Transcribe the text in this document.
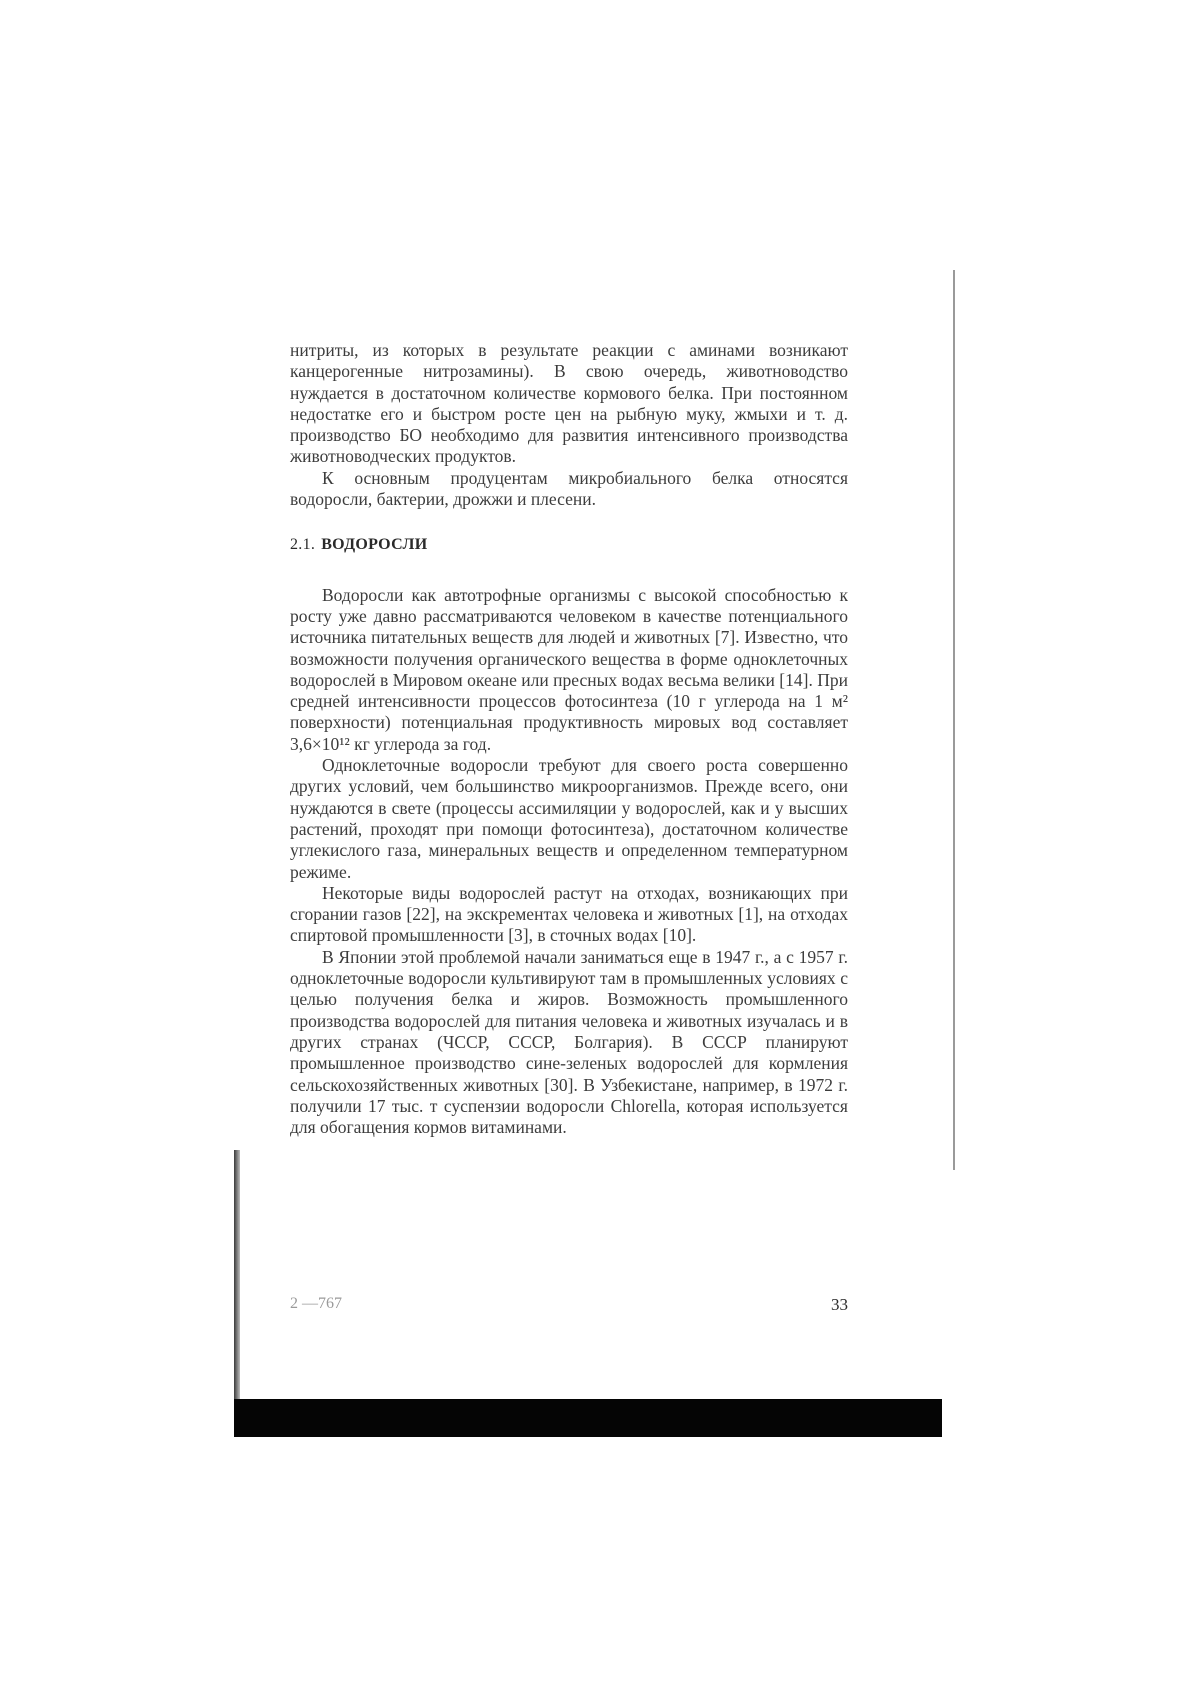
нитриты, из которых в результате реакции с аминами возникают канцерогенные нитрозамины). В свою очередь, животноводство нуждается в достаточном количестве кормового белка. При постоянном недостатке его и быстром росте цен на рыбную муку, жмыхи и т. д. производство БО необходимо для развития интенсивного производства животноводческих продуктов.

К основным продуцентам микробиального белка относятся водоросли, бактерии, дрожжи и плесени.

2.1. ВОДОРОСЛИ

Водоросли как автотрофные организмы с высокой способностью к росту уже давно рассматриваются человеком в качестве потенциального источника питательных веществ для людей и животных [7]. Известно, что возможности получения органического вещества в форме одноклеточных водорослей в Мировом океане или пресных водах весьма велики [14]. При средней интенсивности процессов фотосинтеза (10 г углерода на 1 м² поверхности) потенциальная продуктивность мировых вод составляет 3,6×10¹² кг углерода за год.

Одноклеточные водоросли требуют для своего роста совершенно других условий, чем большинство микроорганизмов. Прежде всего, они нуждаются в свете (процессы ассимиляции у водорослей, как и у высших растений, проходят при помощи фотосинтеза), достаточном количестве углекислого газа, минеральных веществ и определенном температурном режиме.

Некоторые виды водорослей растут на отходах, возникающих при сгорании газов [22], на экскрементах человека и животных [1], на отходах спиртовой промышленности [3], в сточных водах [10].

В Японии этой проблемой начали заниматься еще в 1947 г., а с 1957 г. одноклеточные водоросли культивируют там в промышленных условиях с целью получения белка и жиров. Возможность промышленного производства водорослей для питания человека и животных изучалась и в других странах (ЧССР, СССР, Болгария). В СССР планируют промышленное производство сине-зеленых водорослей для кормления сельскохозяйственных животных [30]. В Узбекистане, например, в 1972 г. получили 17 тыс. т суспензии водоросли Chlorella, которая используется для обогащения кормов витаминами.

2 —767	33
